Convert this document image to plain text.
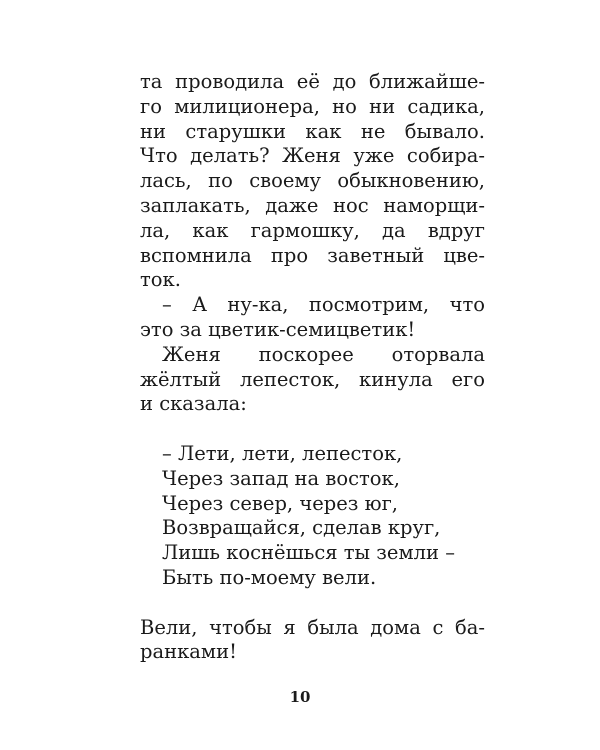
та проводила её до ближайше-
го милиционера, но ни садика,
ни старушки как не бывало.
Что делать? Женя уже собира-
лась, по своему обыкновению,
заплакать, даже нос наморщи-
ла, как гармошку, да вдруг
вспомнила про заветный цве-
ток.
– А ну-ка, посмотрим, что
это за цветик-семицветик!
Женя поскорее оторвала
жёлтый лепесток, кинула его
и сказала:
– Лети, лети, лепесток,
Через запад на восток,
Через север, через юг,
Возвращайся, сделав круг,
Лишь коснёшься ты земли –
Быть по-моему вели.
Вели, чтобы я была дома с ба-
ранками!
10
